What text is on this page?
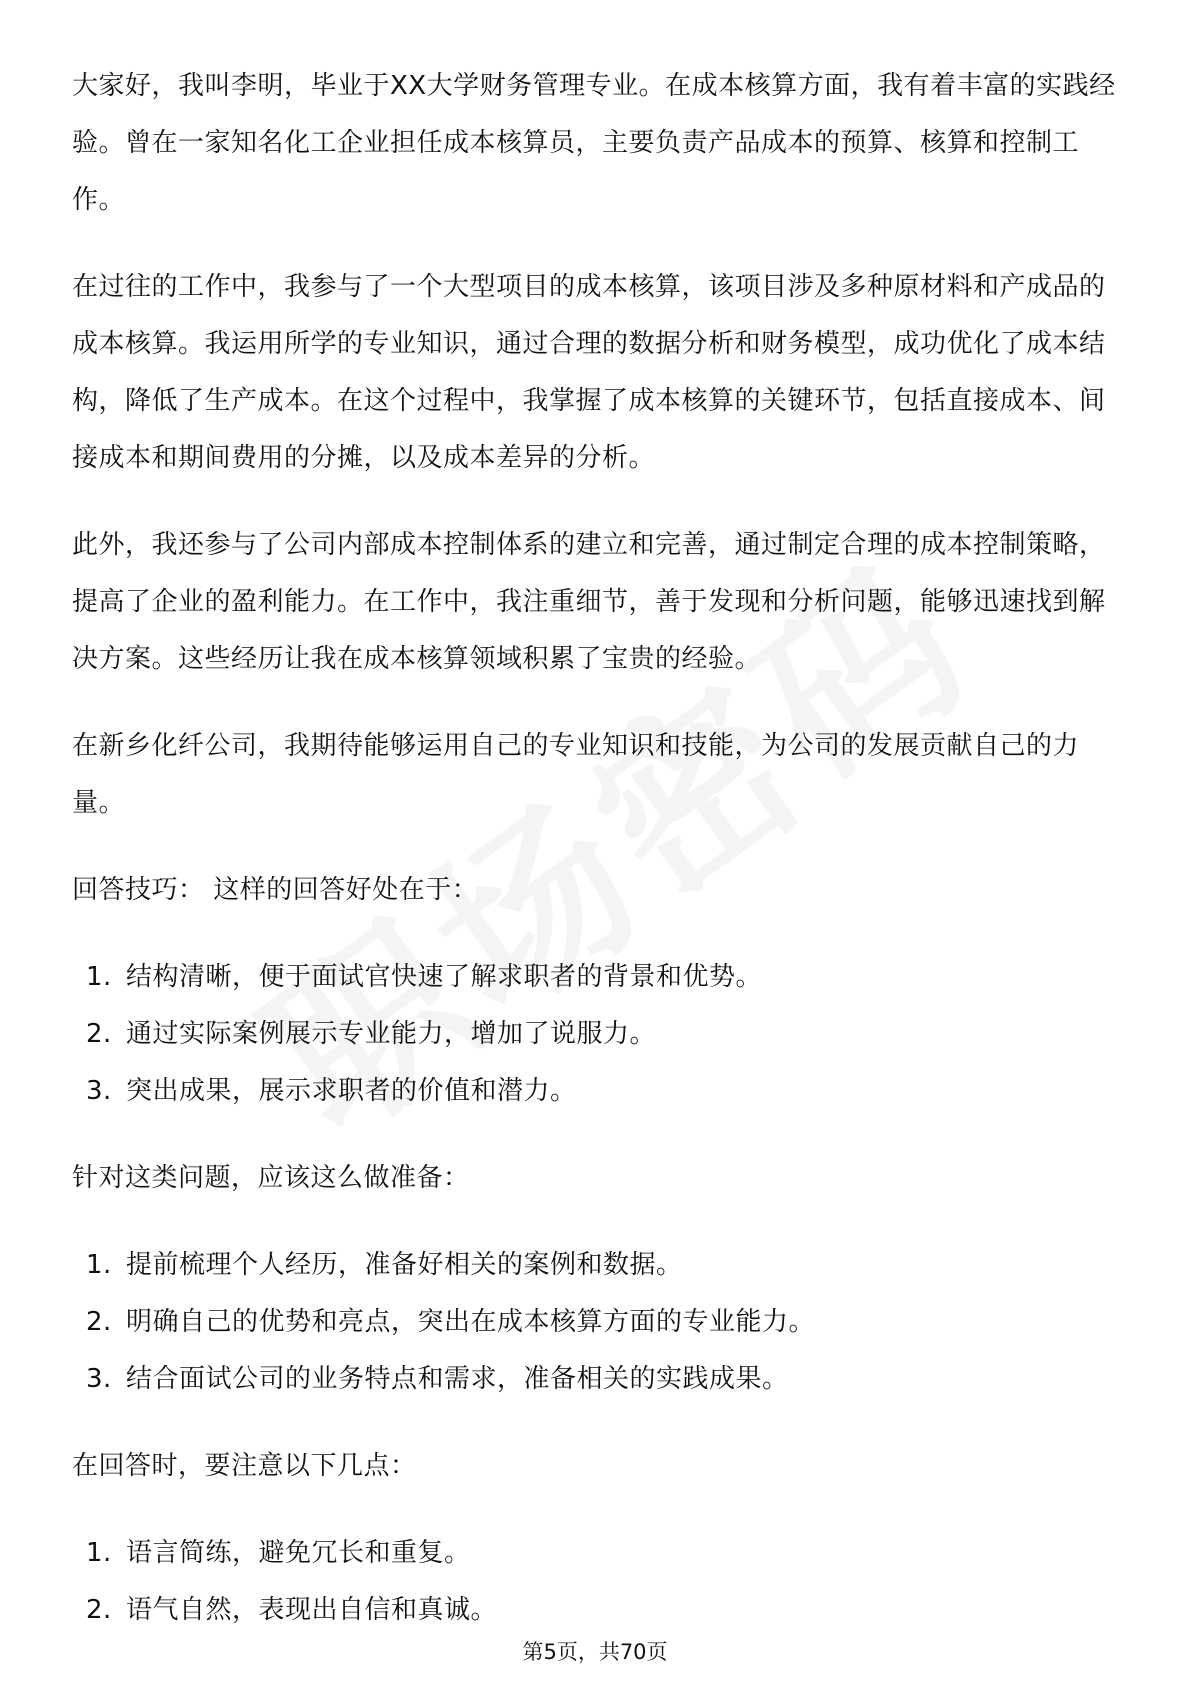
大家好，我叫李明，毕业于XX大学财务管理专业。在成本核算方面，我有着丰富的实践经验。曾在一家知名化工企业担任成本核算员，主要负责产品成本的预算、核算和控制工作。

在过往的工作中，我参与了一个大型项目的成本核算，该项目涉及多种原材料和产成品的成本核算。我运用所学的专业知识，通过合理的数据分析和财务模型，成功优化了成本结构，降低了生产成本。在这个过程中，我掌握了成本核算的关键环节，包括直接成本、间接成本和期间费用的分摊，以及成本差异的分析。

此外，我还参与了公司内部成本控制体系的建立和完善，通过制定合理的成本控制策略，提高了企业的盈利能力。在工作中，我注重细节，善于发现和分析问题，能够迅速找到解决方案。这些经历让我在成本核算领域积累了宝贵的经验。

在新乡化纤公司，我期待能够运用自己的专业知识和技能，为公司的发展贡献自己的力量。

回答技巧： 这样的回答好处在于：

1. 结构清晰，便于面试官快速了解求职者的背景和优势。
2. 通过实际案例展示专业能力，增加了说服力。
3. 突出成果，展示求职者的价值和潜力。

针对这类问题，应该这么做准备：

1. 提前梳理个人经历，准备好相关的案例和数据。
2. 明确自己的优势和亮点，突出在成本核算方面的专业能力。
3. 结合面试公司的业务特点和需求，准备相关的实践成果。

在回答时，要注意以下几点：

1. 语言简练，避免冗长和重复。
2. 语气自然，表现出自信和真诚。
第5页，共70页
